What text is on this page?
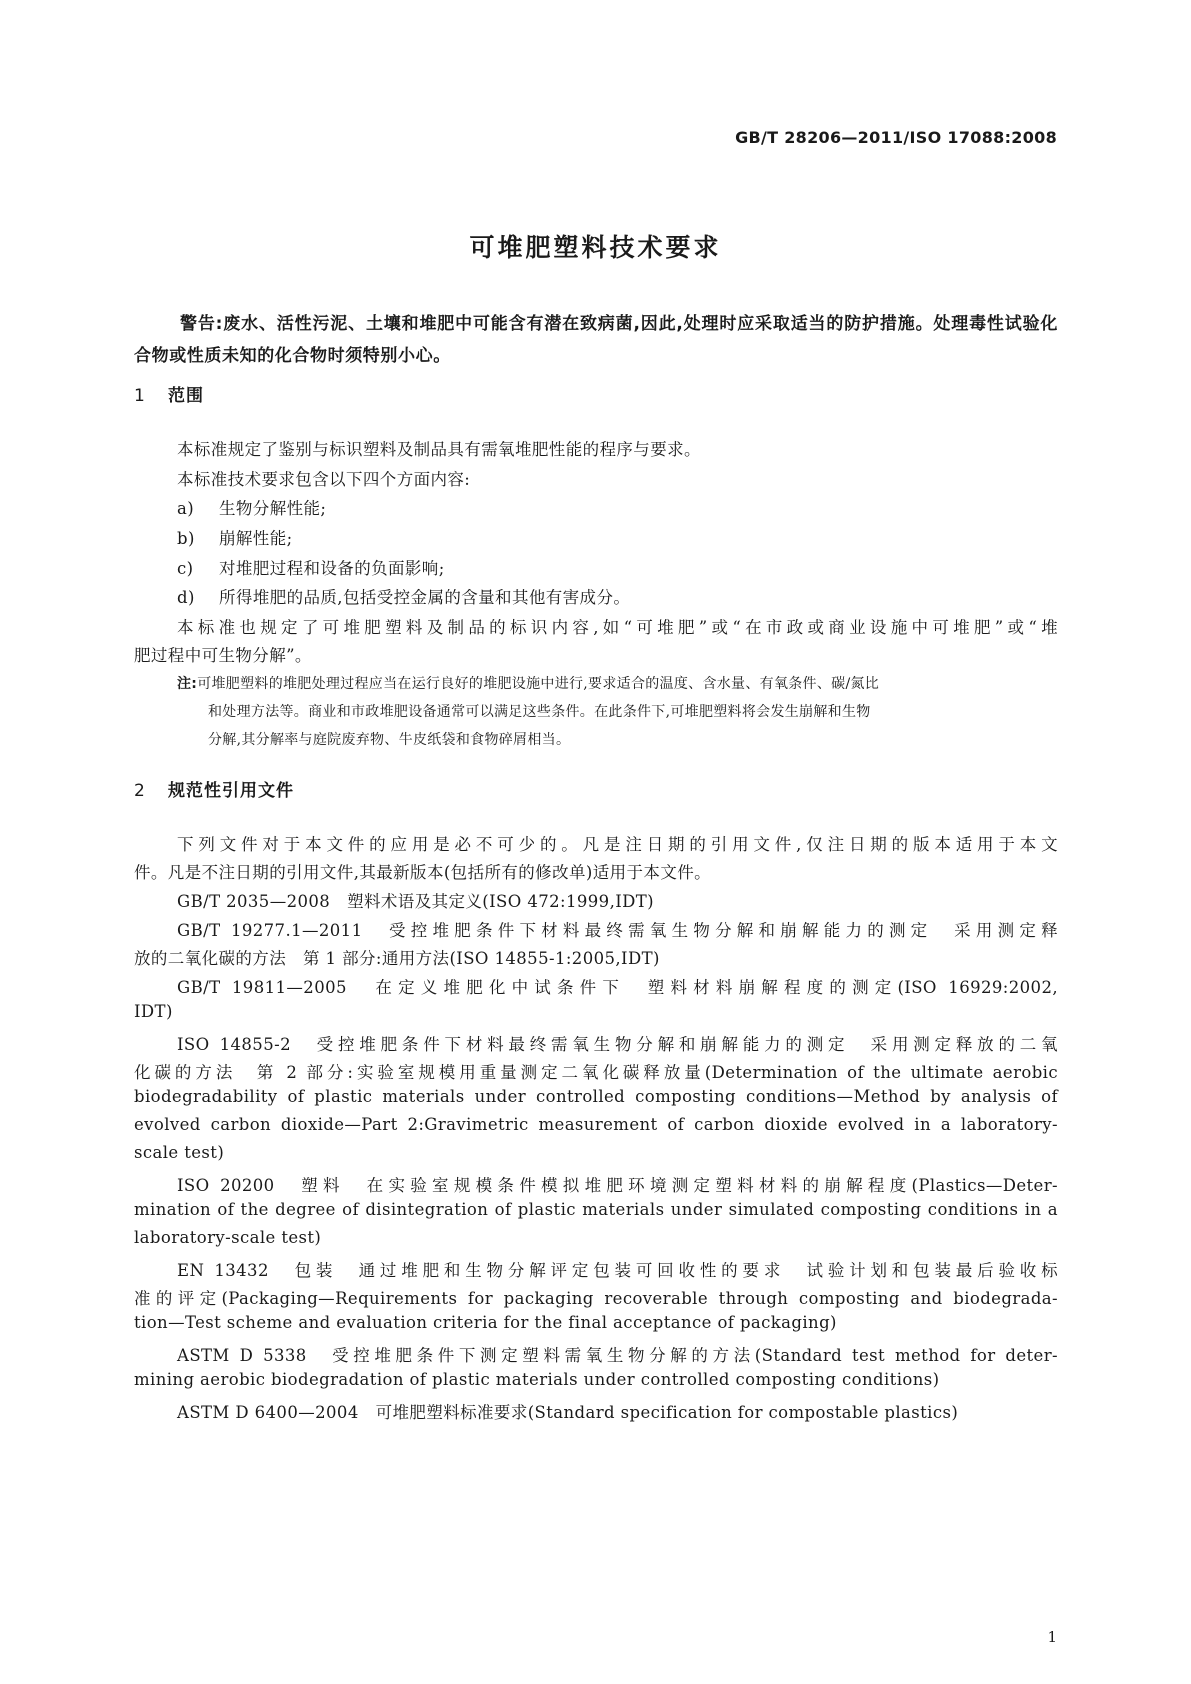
GB/T 28206—2011/ISO 17088:2008
可堆肥塑料技术要求
警告:废水、活性污泥、土壤和堆肥中可能含有潜在致病菌,因此,处理时应采取适当的防护措施。处理毒性试验化合物或性质未知的化合物时须特别小心。
1 范围
本标准规定了鉴别与标识塑料及制品具有需氧堆肥性能的程序与要求。
本标准技术要求包含以下四个方面内容:
a) 生物分解性能;
b) 崩解性能;
c) 对堆肥过程和设备的负面影响;
d) 所得堆肥的品质,包括受控金属的含量和其他有害成分。
本标准也规定了可堆肥塑料及制品的标识内容,如“可堆肥”或“在市政或商业设施中可堆肥”或“堆
肥过程中可生物分解”。
注:可堆肥塑料的堆肥处理过程应当在运行良好的堆肥设施中进行,要求适合的温度、含水量、有氧条件、碳/氮比
和处理方法等。商业和市政堆肥设备通常可以满足这些条件。在此条件下,可堆肥塑料将会发生崩解和生物
分解,其分解率与庭院废弃物、牛皮纸袋和食物碎屑相当。
2 规范性引用文件
下列文件对于本文件的应用是必不可少的。凡是注日期的引用文件,仅注日期的版本适用于本文
件。凡是不注日期的引用文件,其最新版本(包括所有的修改单)适用于本文件。
GB/T 2035—2008　塑料术语及其定义(ISO 472:1999,IDT)
GB/T 19277.1—2011　受控堆肥条件下材料最终需氧生物分解和崩解能力的测定　采用测定释
放的二氧化碳的方法　第 1 部分:通用方法(ISO 14855-1:2005,IDT)
GB/T 19811—2005　在定义堆肥化中试条件下　塑料材料崩解程度的测定(ISO 16929:2002,
IDT)
ISO 14855-2　受控堆肥条件下材料最终需氧生物分解和崩解能力的测定　采用测定释放的二氧
化碳的方法　第 2 部分:实验室规模用重量测定二氧化碳释放量(Determination of the ultimate aerobic
biodegradability of plastic materials under controlled composting conditions—Method by analysis of
evolved carbon dioxide—Part 2:Gravimetric measurement of carbon dioxide evolved in a laboratory-
scale test)
ISO 20200　塑料　在实验室规模条件模拟堆肥环境测定塑料材料的崩解程度(Plastics—Deter-
mination of the degree of disintegration of plastic materials under simulated composting conditions in a
laboratory-scale test)
EN 13432　包装　通过堆肥和生物分解评定包装可回收性的要求　试验计划和包装最后验收标
准的评定(Packaging—Requirements for packaging recoverable through composting and biodegrada-
tion—Test scheme and evaluation criteria for the final acceptance of packaging)
ASTM D 5338　受控堆肥条件下测定塑料需氧生物分解的方法(Standard test method for deter-
mining aerobic biodegradation of plastic materials under controlled composting conditions)
ASTM D 6400—2004　可堆肥塑料标准要求(Standard specification for compostable plastics)
1
